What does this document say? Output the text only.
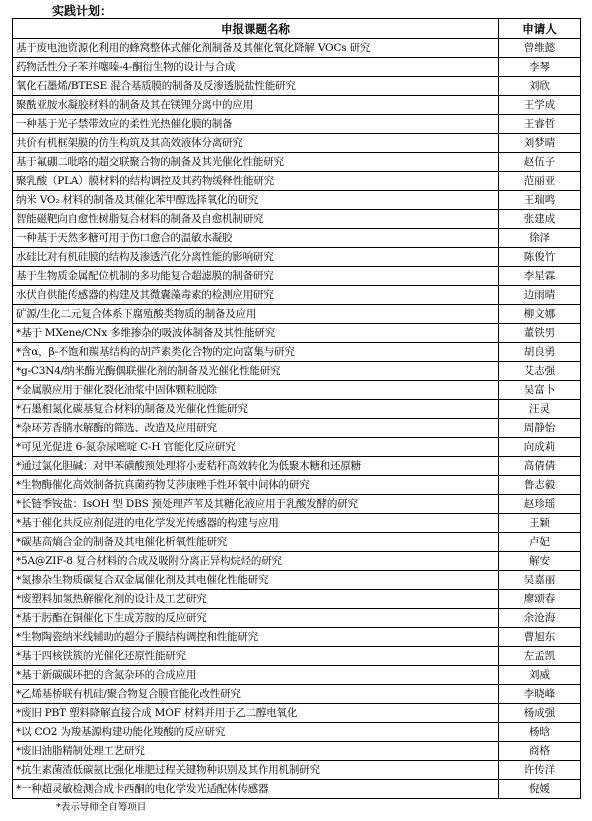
实践计划：
申报课题名称	申请人
基于废电池资源化利用的蜂窝整体式催化剂制备及其催化氧化降解 VOCs 研究	曾维懿
药物活性分子苯并噻嗪-4-酮衍生物的设计与合成	李琴
氧化石墨烯/BTESE 混合基质膜的制备及反渗透脱盐性能研究	刘欣
聚酰亚胺水凝胶材料的制备及其在镁锂分离中的应用	王学成
一种基于光子禁带效应的柔性光热催化膜的制备	王睿哲
共价有机框架膜的仿生构筑及其高效液体分离研究	刘梦晴
基于氟硼二吡咯的超交联聚合物的制备及其光催化性能研究	赵伍子
聚乳酸（PLA）膜材料的结构调控及其药物缓释性能研究	范丽亚
纳米 VO₂ 材料的制备及其催化苯甲醇选择氧化的研究	王瑞鸣
智能磁靶向自愈性树脂复合材料的制备及自愈机制研究	张建成
一种基于天然多糖可用于伤口愈合的温敏水凝胶	徐泽
水硅比对有机硅膜的结构及渗透汽化分离性能的影响研究	陈俊竹
基于生物质金属配位机制的多功能复合超滤膜的制备研究	李星霖
水伏自供能传感器的构建及其微囊藻毒素的检测应用研究	边雨晴
矿源/生化二元复合体系下腐殖酸类物质的制备及应用	柳文娜
*基于 MXene/CNx 多维掺杂的吸波体制备及其性能研究	董铁男
*含α，β-不饱和羰基结构的胡芦素类化合物的定向富集与研究	胡良勇
*g-C3N4/纳米酶光酶偶联催化剂的制备及光催化性能研究	艾志强
*金属膜应用于催化裂化油浆中固体颗粒脱除	吴富卜
*石墨相氮化碳基复合材料的制备及光催化性能研究	汪灵
*杂环芳香腈水解酶的筛选、改造及应用研究	周静怡
*可见光促进 6-氮杂尿嘧啶 C-H 官能化反应研究	向成莉
*通过氯化胆碱：对甲苯磺酸预处理将小麦秸秆高效转化为低聚木糖和还原糖	高倩倩
*生物酶催化高效制备抗真菌药物艾莎康唑手性环氧中间体的研究	鲁志毅
*长链季铵盐：IsOH 型 DBS 预处理芦苇及其糖化液应用于乳酸发酵的研究	赵珍瑶
*基于催化共反应剂促进的电化学发光传感器的构建与应用	王颖
*碳基高熵合金的制备及其电催化析氧性能研究	卢妃
*5A@ZIF-8 复合材料的合成及吸附分离正异构烷烃的研究	解安
*氮掺杂生物质碳复合双金属催化剂及其电催化性能研究	吴嘉丽
*废塑料加氢热解催化剂的设计及工艺研究	廖颂春
*基于肟酯在铜催化下生成芳胺的反应研究	余沧海
*生物陶瓷纳米线辅助的超分子膜结构调控和性能研究	曹旭东
*基于四核铁簇的光催化还原性能研究	左孟凯
*基于新碳碳环把的含氮杂环的合成应用	刘威
*乙烯基桥联有机硅/聚合物复合膜官能化改性研究	李晓峰
*废旧 PBT 塑料降解直接合成 MOF 材料并用于乙二醇电氧化	杨成强
*以 CO2 为羧基源构建功能化羧酸的反应研究	杨晗
*废旧油脂精制处理工艺研究	商格
*抗生素菌渣低碳氨比强化堆肥过程关键物种识别及其作用机制研究	许传洋
*一种超灵敏检测合成卡西酮的电化学发光适配体传感器	倪媛
*表示导师全自筹项目
